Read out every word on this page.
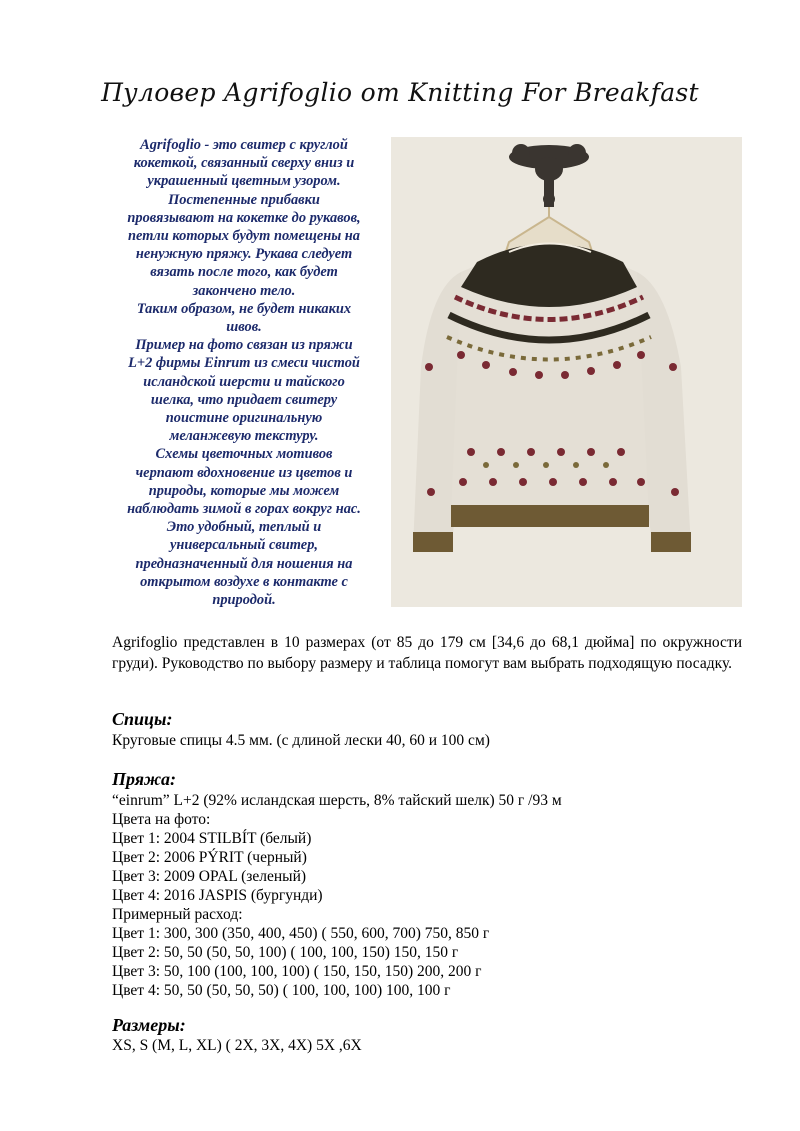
Пуловер Agrifoglio от Knitting For Breakfast
Agrifoglio - это свитер с круглой
кокеткой, связанный сверху вниз и
украшенный цветным узором.
Постепенные прибавки
провязывают на кокетке до рукавов,
петли которых будут помещены на
ненужную пряжу. Рукава следует
вязать после того, как будет
закончено тело.
Таким образом, не будет никаких
швов.
Пример на фото связан из пряжи
L+2 фирмы Einrum из смеси чистой
исландской шерсти и тайского
шелка, что придает свитеру
поистине оригинальную
меланжевую текстуру.
Схемы цветочных мотивов
черпают вдохновение из цветов и
природы, которые мы можем
наблюдать зимой в горах вокруг нас.
Это удобный, теплый и
универсальный свитер,
предназначенный для ношения на
открытом воздухе в контакте с
природой.
Agrifoglio представлен в 10 размерах (от 85 до 179 см [34,6 до 68,1 дюйма] по окружности груди). Руководство по выбору размеру и таблица помогут вам выбрать подходящую посадку.
Спицы:
Круговые спицы 4.5 мм. (с длиной лески 40, 60 и 100 см)
Пряжа:
“einrum” L+2 (92% исландская шерсть, 8% тайский шелк) 50 г /93 м
Цвета на фото:
Цвет 1: 2004 STILBÍT (белый)
Цвет 2: 2006 PÝRIT (черный)
Цвет 3: 2009 OPAL (зеленый)
Цвет 4: 2016 JASPIS (бургунди)
Примерный расход:
Цвет 1: 300, 300 (350, 400, 450) ( 550, 600, 700) 750, 850 г
Цвет 2: 50, 50 (50, 50, 100) ( 100, 100, 150) 150, 150 г
Цвет 3: 50, 100 (100, 100, 100) ( 150, 150, 150) 200, 200 г
Цвет 4: 50, 50 (50, 50, 50) ( 100, 100, 100) 100, 100 г
Размеры:
XS, S (M, L, XL) ( 2X, 3X, 4X) 5X ,6X
